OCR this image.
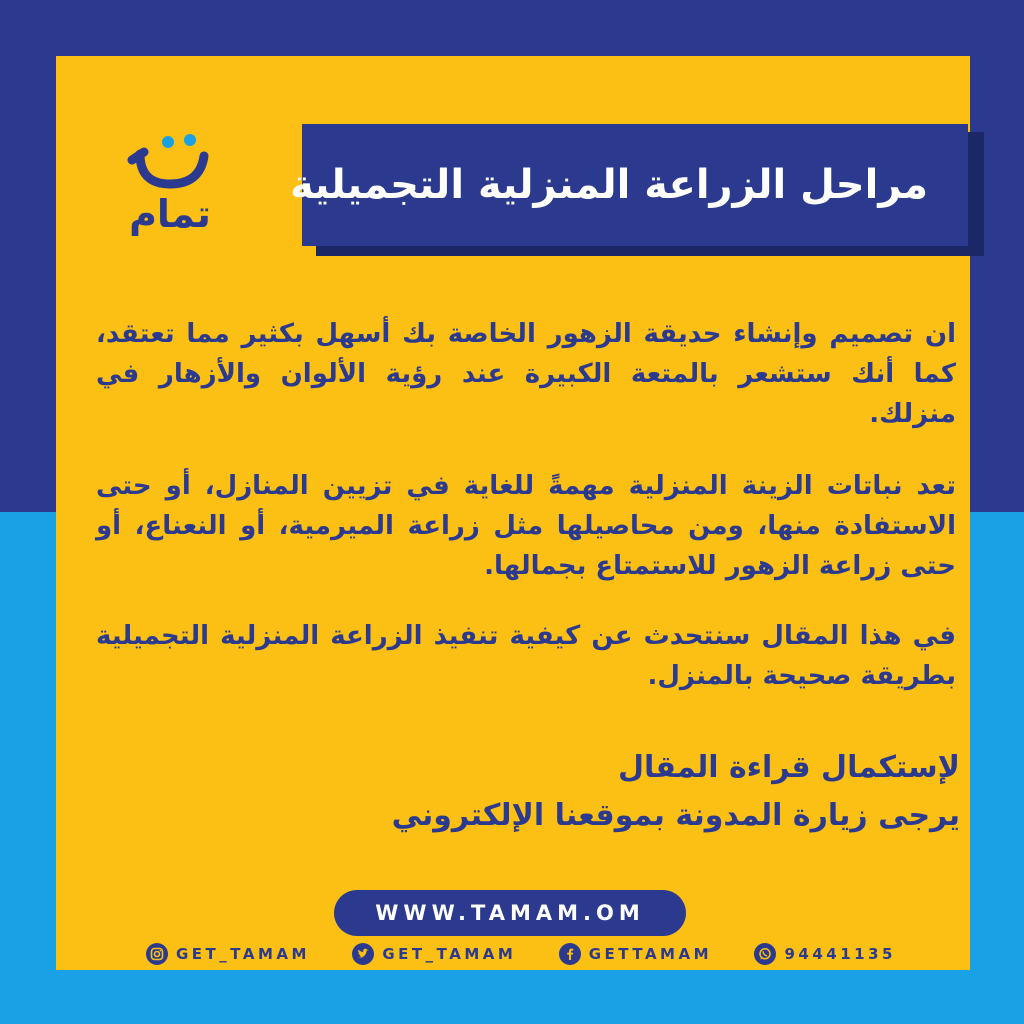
تمام
مراحل الزراعة المنزلية التجميلية

ان تصميم وإنشاء حديقة الزهور الخاصة بك أسهل بكثير مما تعتقد، كما أنك ستشعر بالمتعة الكبيرة عند رؤية الألوان والأزهار في منزلك.

تعد نباتات الزينة المنزلية مهمةً للغاية في تزيين المنازل، أو حتى الاستفادة منها، ومن محاصيلها مثل زراعة الميرمية، أو النعناع، أو حتى زراعة الزهور للاستمتاع بجمالها.

في هذا المقال سنتحدث عن كيفية تنفيذ الزراعة المنزلية التجميلية بطريقة صحيحة بالمنزل.

لإستكمال قراءة المقال
يرجى زيارة المدونة بموقعنا الإلكتروني
WWW.TAMAM.OM
GET_TAMAM	GET_TAMAM	GETTAMAM	94441135
